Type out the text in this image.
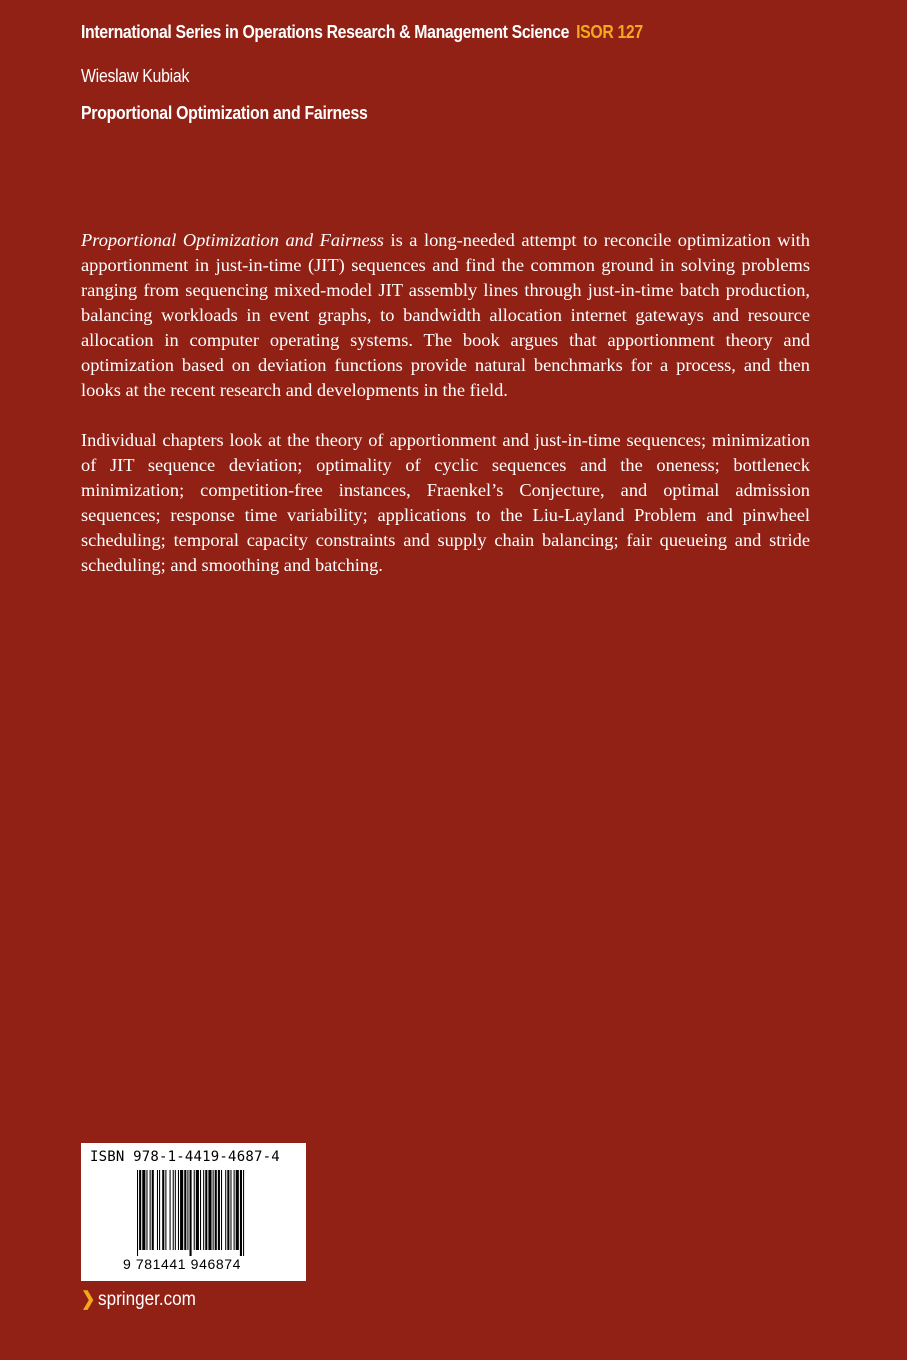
International Series in Operations Research & Management Science ISOR 127
Wieslaw Kubiak
Proportional Optimization and Fairness

Proportional Optimization and Fairness is a long-needed attempt to reconcile optimization with apportionment in just-in-time (JIT) sequences and find the common ground in solving problems ranging from sequencing mixed-model JIT assembly lines through just-in-time batch production, balancing workloads in event graphs, to bandwidth allocation internet gateways and resource allocation in computer operating systems. The book argues that apportionment theory and optimization based on deviation functions provide natural benchmarks for a process, and then looks at the recent research and developments in the field.

Individual chapters look at the theory of apportionment and just-in-time sequences; minimization of JIT sequence deviation; optimality of cyclic sequences and the oneness; bottleneck minimization; competition-free instances, Fraenkel’s Conjecture, and optimal admission sequences; response time variability; applications to the Liu-Layland Problem and pinwheel scheduling; temporal capacity constraints and supply chain balancing; fair queueing and stride scheduling; and smoothing and batching.

ISBN 978-1-4419-4687-4
9 781441 946874
❯ springer.com
